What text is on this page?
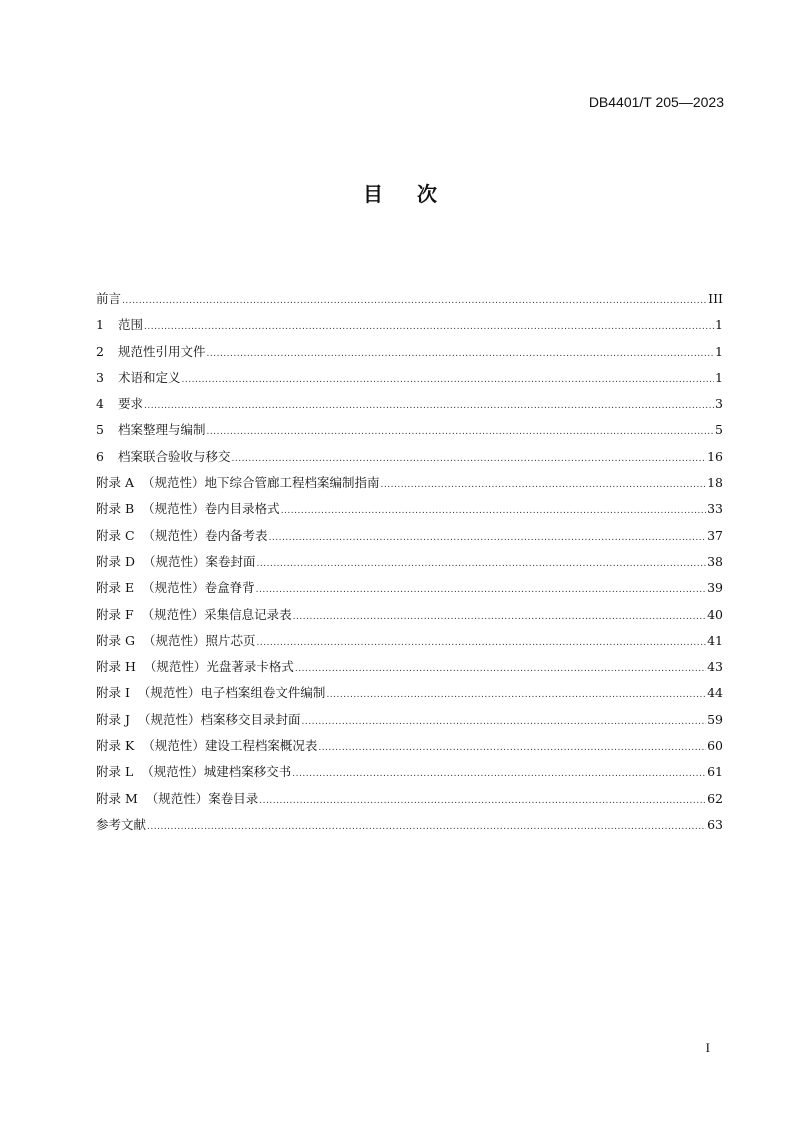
DB4401/T 205—2023
目次
前言 .....	III
1 范围 .....	1
2 规范性引用文件 .....	1
3 术语和定义 .....	1
4 要求 .....	3
5 档案整理与编制 .....	5
6 档案联合验收与移交 .....	16
附录 A （规范性）地下综合管廊工程档案编制指南 .....	18
附录 B （规范性）卷内目录格式 .....	33
附录 C （规范性）卷内备考表 .....	37
附录 D （规范性）案卷封面 .....	38
附录 E （规范性）卷盒脊背 .....	39
附录 F （规范性）采集信息记录表 .....	40
附录 G （规范性）照片芯页 .....	41
附录 H （规范性）光盘著录卡格式 .....	43
附录 I （规范性）电子档案组卷文件编制 .....	44
附录 J （规范性）档案移交目录封面 .....	59
附录 K （规范性）建设工程档案概况表 .....	60
附录 L （规范性）城建档案移交书 .....	61
附录 M （规范性）案卷目录 .....	62
参考文献 .....	63
I
